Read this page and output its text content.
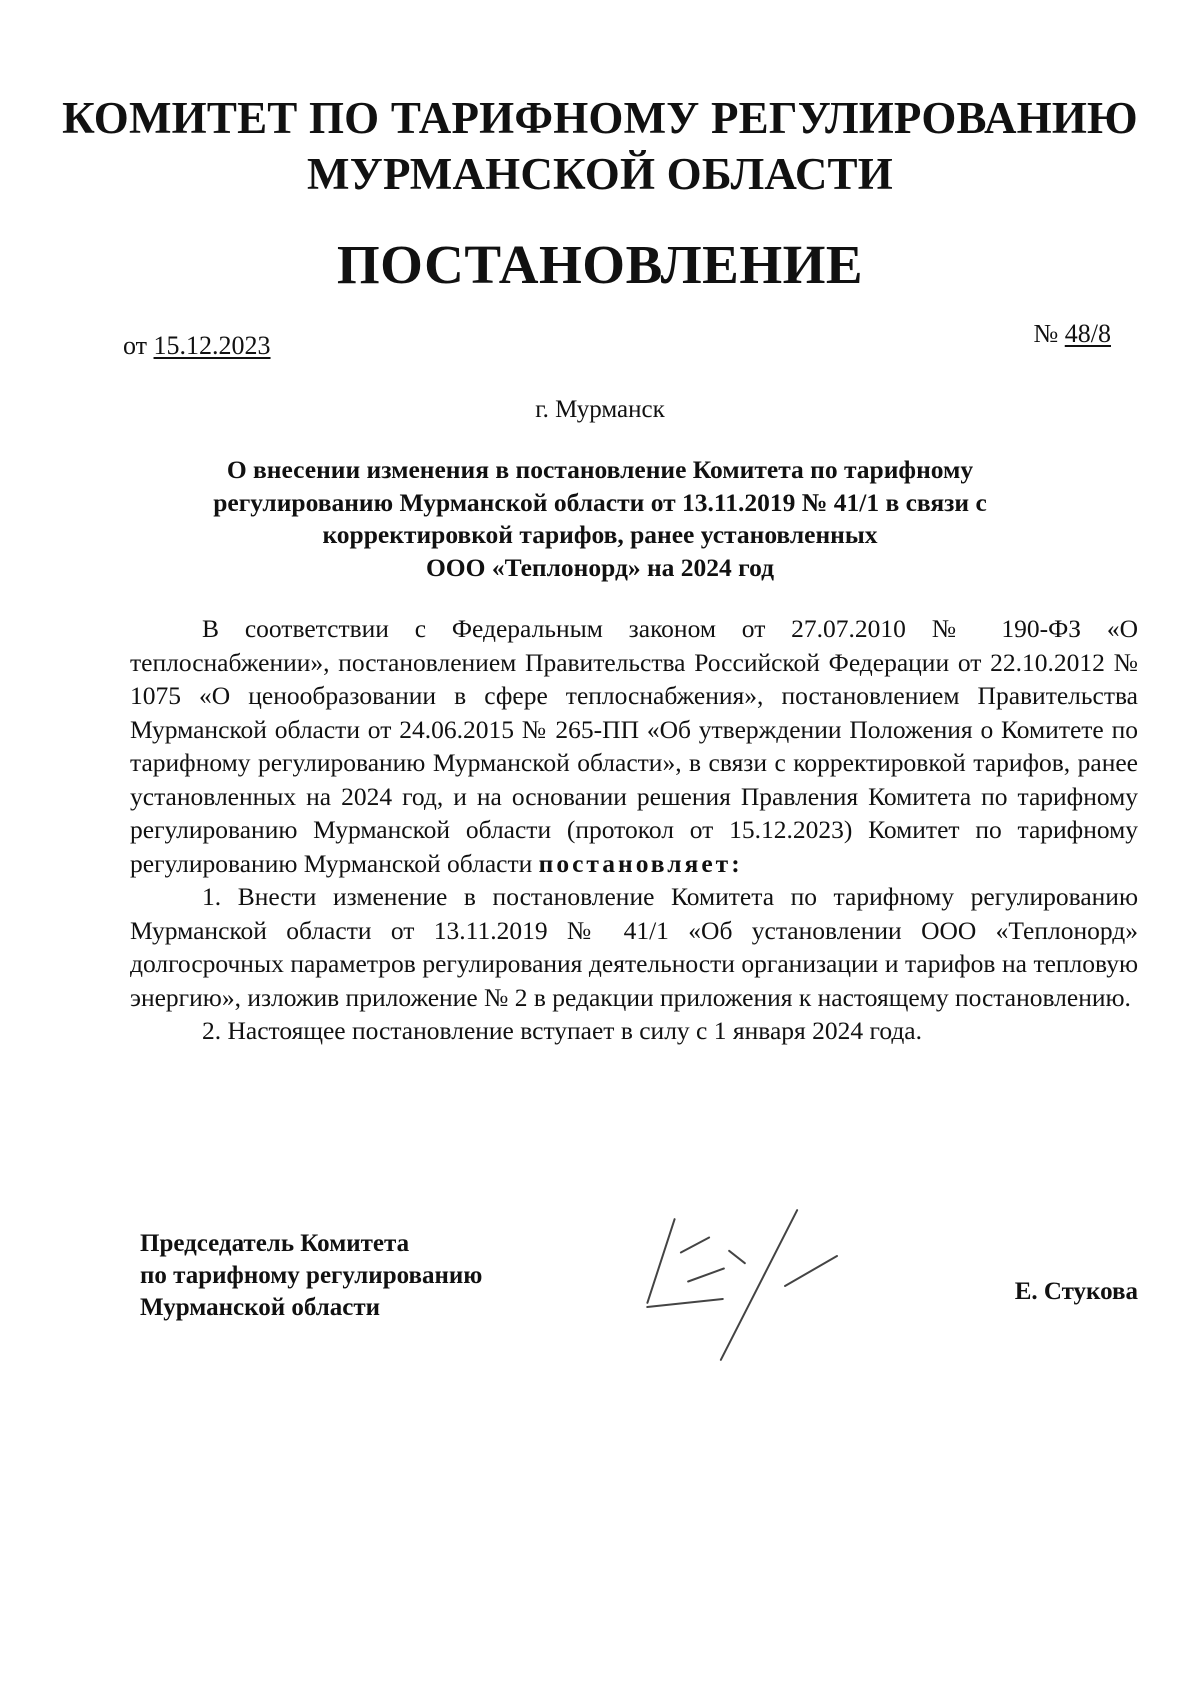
КОМИТЕТ ПО ТАРИФНОМУ РЕГУЛИРОВАНИЮ
МУРМАНСКОЙ ОБЛАСТИ
ПОСТАНОВЛЕНИЕ
от 15.12.2023	№ 48/8
г. Мурманск
О внесении изменения в постановление Комитета по тарифному
регулированию Мурманской области от 13.11.2019 № 41/1 в связи с
корректировкой тарифов, ранее установленных
ООО «Теплонорд» на 2024 год

В соответствии с Федеральным законом от 27.07.2010 № 190-ФЗ «О теплоснабжении», постановлением Правительства Российской Федерации от 22.10.2012 № 1075 «О ценообразовании в сфере теплоснабжения», постановлением Правительства Мурманской области от 24.06.2015 № 265-ПП «Об утверждении Положения о Комитете по тарифному регулированию Мурманской области», в связи с корректировкой тарифов, ранее установленных на 2024 год, и на основании решения Правления Комитета по тарифному регулированию Мурманской области (протокол от 15.12.2023) Комитет по тарифному регулированию Мурманской области постановляет:

1. Внести изменение в постановление Комитета по тарифному регулированию Мурманской области от 13.11.2019 № 41/1 «Об установлении ООО «Теплонорд» долгосрочных параметров регулирования деятельности организации и тарифов на тепловую энергию», изложив приложение № 2 в редакции приложения к настоящему постановлению.

2. Настоящее постановление вступает в силу с 1 января 2024 года.

Председатель Комитета
по тарифному регулированию
Мурманской области
Е. Стукова
